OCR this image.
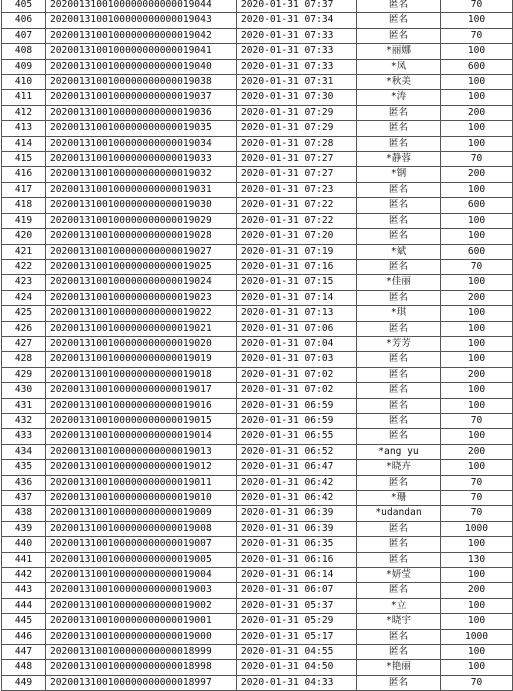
405	2020013100100000000000019044	2020-01-31 07:37	匿名	70
406	2020013100100000000000019043	2020-01-31 07:34	匿名	100
407	2020013100100000000000019042	2020-01-31 07:33	匿名	70
408	2020013100100000000000019041	2020-01-31 07:33	*丽娜	100
409	2020013100100000000000019040	2020-01-31 07:33	*凤	600
410	2020013100100000000000019038	2020-01-31 07:31	*秋美	100
411	2020013100100000000000019037	2020-01-31 07:30	*涛	100
412	2020013100100000000000019036	2020-01-31 07:29	匿名	200
413	2020013100100000000000019035	2020-01-31 07:29	匿名	100
414	2020013100100000000000019034	2020-01-31 07:28	匿名	100
415	2020013100100000000000019033	2020-01-31 07:27	*静蓉	70
416	2020013100100000000000019032	2020-01-31 07:27	*钢	200
417	2020013100100000000000019031	2020-01-31 07:23	匿名	100
418	2020013100100000000000019030	2020-01-31 07:22	匿名	600
419	2020013100100000000000019029	2020-01-31 07:22	匿名	100
420	2020013100100000000000019028	2020-01-31 07:20	匿名	100
421	2020013100100000000000019027	2020-01-31 07:19	*斌	600
422	2020013100100000000000019025	2020-01-31 07:16	匿名	70
423	2020013100100000000000019024	2020-01-31 07:15	*佳丽	100
424	2020013100100000000000019023	2020-01-31 07:14	匿名	200
425	2020013100100000000000019022	2020-01-31 07:13	*琪	100
426	2020013100100000000000019021	2020-01-31 07:06	匿名	100
427	2020013100100000000000019020	2020-01-31 07:04	*芳芳	100
428	2020013100100000000000019019	2020-01-31 07:03	匿名	100
429	2020013100100000000000019018	2020-01-31 07:02	匿名	200
430	2020013100100000000000019017	2020-01-31 07:02	匿名	100
431	2020013100100000000000019016	2020-01-31 06:59	匿名	100
432	2020013100100000000000019015	2020-01-31 06:59	匿名	70
433	2020013100100000000000019014	2020-01-31 06:55	匿名	100
434	2020013100100000000000019013	2020-01-31 06:52	*ang yu	200
435	2020013100100000000000019012	2020-01-31 06:47	*晓卉	100
436	2020013100100000000000019011	2020-01-31 06:42	匿名	70
437	2020013100100000000000019010	2020-01-31 06:42	*珊	70
438	2020013100100000000000019009	2020-01-31 06:39	*udandan	70
439	2020013100100000000000019008	2020-01-31 06:39	匿名	1000
440	2020013100100000000000019007	2020-01-31 06:35	匿名	100
441	2020013100100000000000019005	2020-01-31 06:16	匿名	130
442	2020013100100000000000019004	2020-01-31 06:14	*妍莹	100
443	2020013100100000000000019003	2020-01-31 06:07	匿名	200
444	2020013100100000000000019002	2020-01-31 05:37	*立	100
445	2020013100100000000000019001	2020-01-31 05:29	*晓宇	100
446	2020013100100000000000019000	2020-01-31 05:17	匿名	1000
447	2020013100100000000000018999	2020-01-31 04:55	匿名	100
448	2020013100100000000000018998	2020-01-31 04:50	*艳丽	100
449	2020013100100000000000018997	2020-01-31 04:33	匿名	70
